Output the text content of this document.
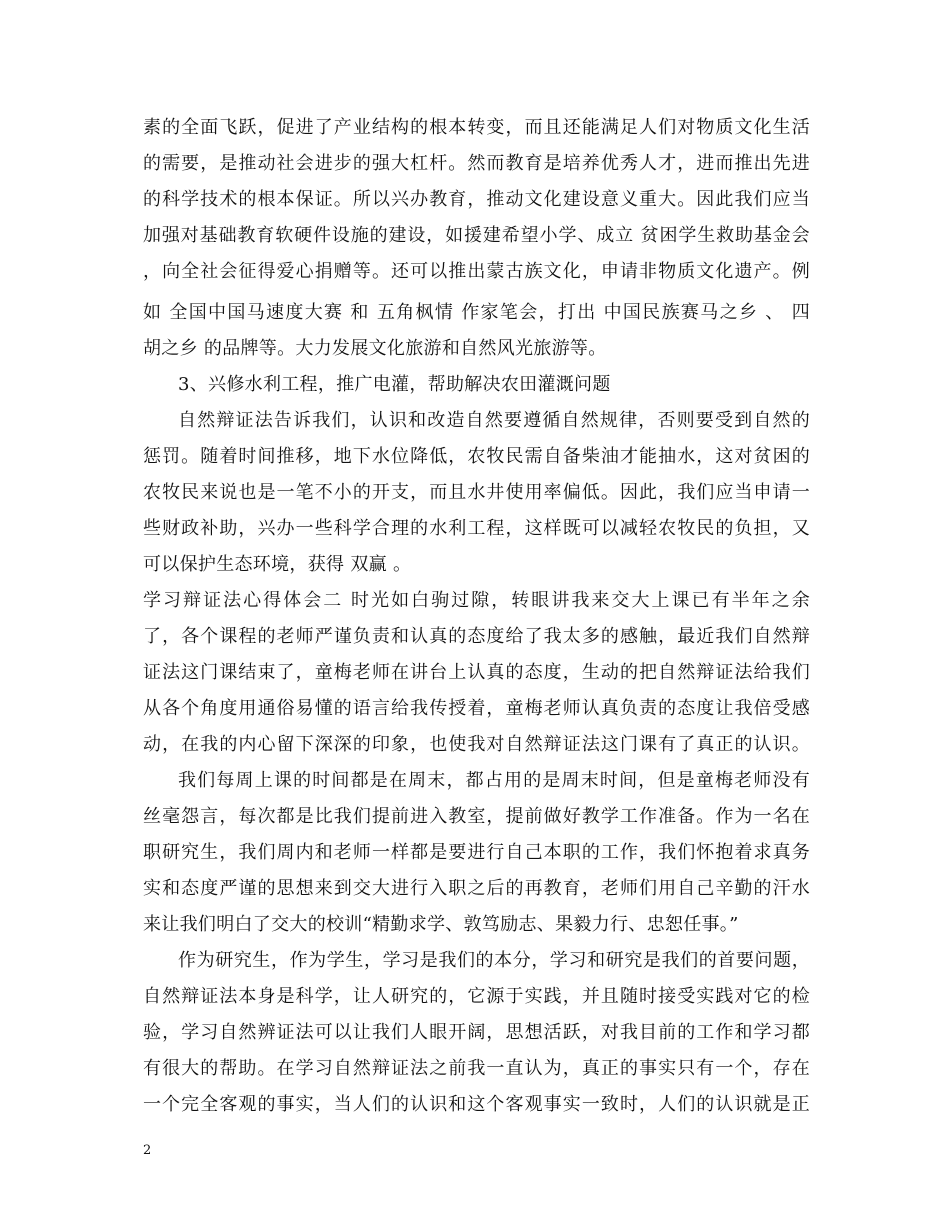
素的全面飞跃，促进了产业结构的根本转变，而且还能满足人们对物质文化生活
的需要，是推动社会进步的强大杠杆。然而教育是培养优秀人才，进而推出先进
的科学技术的根本保证。所以兴办教育，推动文化建设意义重大。因此我们应当
加强对基础教育软硬件设施的建设，如援建希望小学、成立 贫困学生救助基金会
，向全社会征得爱心捐赠等。还可以推出蒙古族文化，申请非物质文化遗产。例
如 全国中国马速度大赛 和 五角枫情 作家笔会，打出 中国民族赛马之乡 、 四
胡之乡 的品牌等。大力发展文化旅游和自然风光旅游等。
3、兴修水利工程，推广电灌，帮助解决农田灌溉问题
自然辩证法告诉我们，认识和改造自然要遵循自然规律，否则要受到自然的
惩罚。随着时间推移，地下水位降低，农牧民需自备柴油才能抽水，这对贫困的
农牧民来说也是一笔不小的开支，而且水井使用率偏低。因此，我们应当申请一
些财政补助，兴办一些科学合理的水利工程，这样既可以减轻农牧民的负担，又
可以保护生态环境，获得 双赢 。
学习辩证法心得体会二 时光如白驹过隙，转眼讲我来交大上课已有半年之余
了，各个课程的老师严谨负责和认真的态度给了我太多的感触，最近我们自然辩
证法这门课结束了，童梅老师在讲台上认真的态度，生动的把自然辩证法给我们
从各个角度用通俗易懂的语言给我传授着，童梅老师认真负责的态度让我倍受感
动，在我的内心留下深深的印象，也使我对自然辩证法这门课有了真正的认识。
我们每周上课的时间都是在周末，都占用的是周末时间，但是童梅老师没有
丝毫怨言，每次都是比我们提前进入教室，提前做好教学工作准备。作为一名在
职研究生，我们周内和老师一样都是要进行自己本职的工作，我们怀抱着求真务
实和态度严谨的思想来到交大进行入职之后的再教育，老师们用自己辛勤的汗水
来让我们明白了交大的校训“精勤求学、敦笃励志、果毅力行、忠恕任事。”
作为研究生，作为学生，学习是我们的本分，学习和研究是我们的首要问题，
自然辩证法本身是科学，让人研究的，它源于实践，并且随时接受实践对它的检
验，学习自然辨证法可以让我们人眼开阔，思想活跃，对我目前的工作和学习都
有很大的帮助。在学习自然辩证法之前我一直认为，真正的事实只有一个，存在
一个完全客观的事实，当人们的认识和这个客观事实一致时，人们的认识就是正
2
